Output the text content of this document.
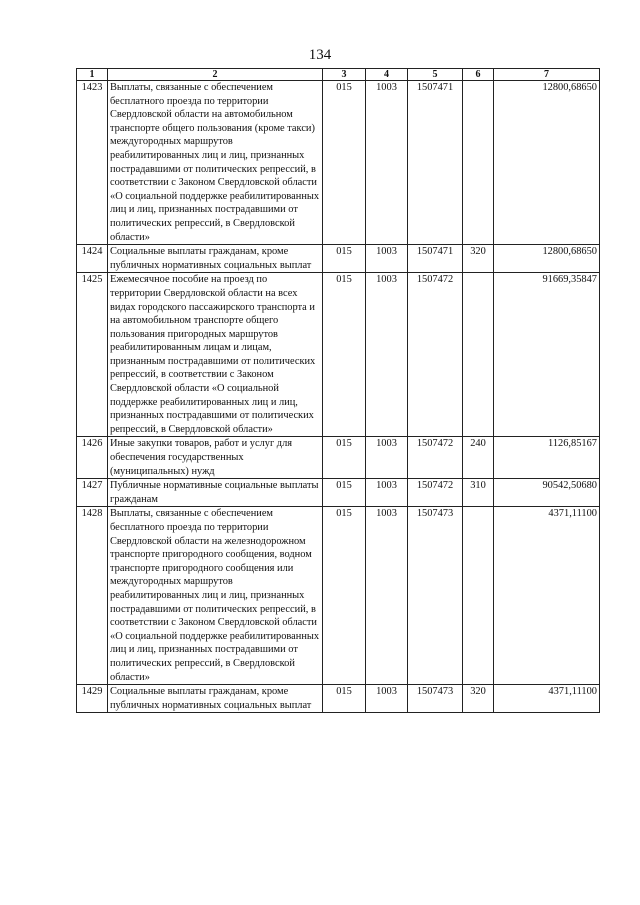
134
1	2	3	4	5	6	7
1423	Выплаты, связанные с обеспечением бесплатного проезда по территории Свердловской области на автомобильном транспорте общего пользования (кроме такси) междугородных маршрутов реабилитированных лиц и лиц, признанных пострадавшими от политических репрессий, в соответствии с Законом Свердловской области «О социальной поддержке реабилитированных лиц и лиц, признанных пострадавшими от политических репрессий, в Свердловской области»	015	1003	1507471		12800,68650
1424	Социальные выплаты гражданам, кроме публичных нормативных социальных выплат	015	1003	1507471	320	12800,68650
1425	Ежемесячное пособие на проезд по территории Свердловской области на всех видах городского пассажирского транспорта и на автомобильном транспорте общего пользования пригородных маршрутов реабилитированным лицам и лицам, признанным пострадавшими от политических репрессий, в соответствии с Законом Свердловской области «О социальной поддержке реабилитированных лиц и лиц, признанных пострадавшими от политических репрессий, в Свердловской области»	015	1003	1507472		91669,35847
1426	Иные закупки товаров, работ и услуг для обеспечения государственных (муниципальных) нужд	015	1003	1507472	240	1126,85167
1427	Публичные нормативные социальные выплаты гражданам	015	1003	1507472	310	90542,50680
1428	Выплаты, связанные с обеспечением бесплатного проезда по территории Свердловской области на железнодорожном транспорте пригородного сообщения, водном транспорте пригородного сообщения или междугородных маршрутов реабилитированных лиц и лиц, признанных пострадавшими от политических репрессий, в соответствии с Законом Свердловской области «О социальной поддержке реабилитированных лиц и лиц, признанных пострадавшими от политических репрессий, в Свердловской области»	015	1003	1507473		4371,11100
1429	Социальные выплаты гражданам, кроме публичных нормативных социальных выплат	015	1003	1507473	320	4371,11100
